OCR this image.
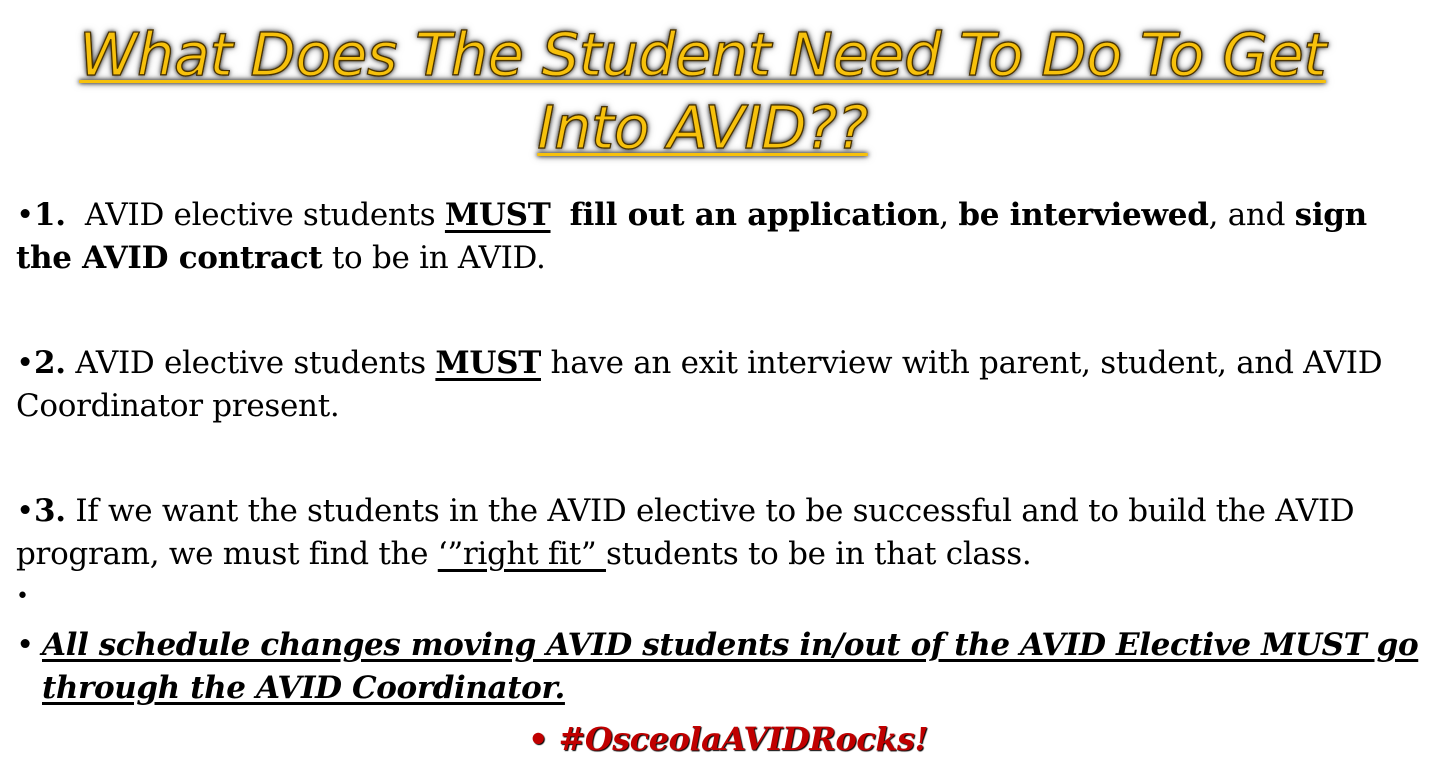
What Does The Student Need To Do To Get Into AVID??

•1. AVID elective students MUST fill out an application, be interviewed, and sign the AVID contract to be in AVID.

•2. AVID elective students MUST have an exit interview with parent, student, and AVID Coordinator present.

•3. If we want the students in the AVID elective to be successful and to build the AVID program, we must find the ‘”right fit” students to be in that class.

•
• All schedule changes moving AVID students in/out of the AVID Elective MUST go through the AVID Coordinator.
• #OsceolaAVIDRocks!
